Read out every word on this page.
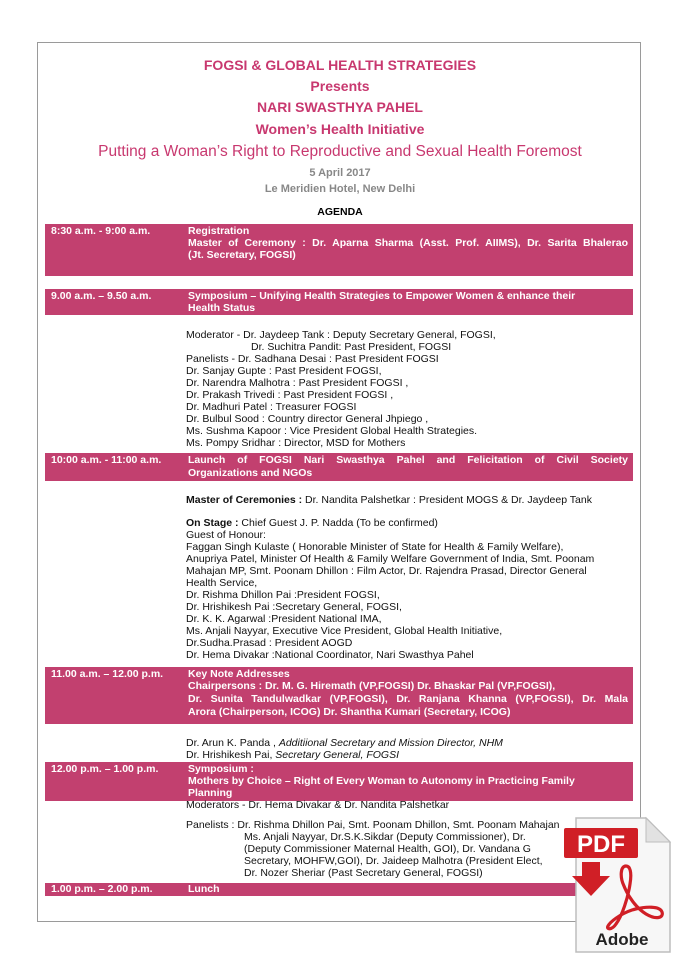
FOGSI & GLOBAL HEALTH STRATEGIES
Presents
NARI SWASTHYA PAHEL
Women’s Health Initiative
Putting a Woman’s Right to Reproductive and Sexual Health Foremost
5 April 2017
Le Meridien Hotel, New Delhi
AGENDA
8:30 a.m. - 9:00 a.m.	Registration
Master of Ceremony : Dr. Aparna Sharma (Asst. Prof. AIIMS), Dr. Sarita Bhalerao
(Jt. Secretary, FOGSI)
9.00 a.m. – 9.50 a.m.	Symposium – Unifying Health Strategies to Empower Women & enhance their
Health Status
Moderator - Dr. Jaydeep Tank : Deputy Secretary General, FOGSI,
Dr. Suchitra Pandit: Past President, FOGSI
Panelists - Dr. Sadhana Desai : Past President FOGSI
Dr. Sanjay Gupte : Past President FOGSI,
Dr. Narendra Malhotra : Past President FOGSI ,
Dr. Prakash Trivedi : Past President FOGSI ,
Dr. Madhuri Patel : Treasurer FOGSI
Dr. Bulbul Sood : Country director General Jhpiego ,
Ms. Sushma Kapoor : Vice President Global Health Strategies.
Ms. Pompy Sridhar : Director, MSD for Mothers
10:00 a.m. - 11:00 a.m.	Launch of FOGSI Nari Swasthya Pahel and Felicitation of Civil Society
Organizations and NGOs
Master of Ceremonies : Dr. Nandita Palshetkar : President MOGS & Dr. Jaydeep Tank
On Stage : Chief Guest J. P. Nadda (To be confirmed)
Guest of Honour:
Faggan Singh Kulaste ( Honorable Minister of State for Health & Family Welfare),
Anupriya Patel, Minister Of Health & Family Welfare Government of India, Smt. Poonam
Mahajan MP, Smt. Poonam Dhillon : Film Actor, Dr. Rajendra Prasad, Director General
Health Service,
Dr. Rishma Dhillon Pai :President FOGSI,
Dr. Hrishikesh Pai :Secretary General, FOGSI,
Dr. K. K. Agarwal :President National IMA,
Ms. Anjali Nayyar, Executive Vice President, Global Health Initiative,
Dr.Sudha.Prasad : President AOGD
Dr. Hema Divakar :National Coordinator, Nari Swasthya Pahel
11.00 a.m. – 12.00 p.m. Key Note Addresses
Chairpersons : Dr. M. G. Hiremath (VP,FOGSI) Dr. Bhaskar Pal (VP,FOGSI),
Dr. Sunita Tandulwadkar (VP,FOGSI), Dr. Ranjana Khanna (VP,FOGSI), Dr. Mala
Arora (Chairperson, ICOG) Dr. Shantha Kumari (Secretary, ICOG)
Dr. Arun K. Panda , Additiional Secretary and Mission Director, NHM
Dr. Hrishikesh Pai, Secretary General, FOGSI
12.00 p.m. – 1.00 p.m.	Symposium :
Mothers by Choice – Right of Every Woman to Autonomy in Practicing Family
Planning
Moderators - Dr. Hema Divakar & Dr. Nandita Palshetkar
Panelists : Dr. Rishma Dhillon Pai, Smt. Poonam Dhillon, Smt. Poonam Mahajan
Ms. Anjali Nayyar, Dr.S.K.Sikdar (Deputy Commissioner), Dr.
(Deputy Commissioner Maternal Health, GOI), Dr. Vandana G
Secretary, MOHFW,GOI), Dr. Jaideep Malhotra (President Elect,
Dr. Nozer Sheriar (Past Secretary General, FOGSI)
1.00 p.m. – 2.00 p.m.	Lunch
PDF
Adobe
